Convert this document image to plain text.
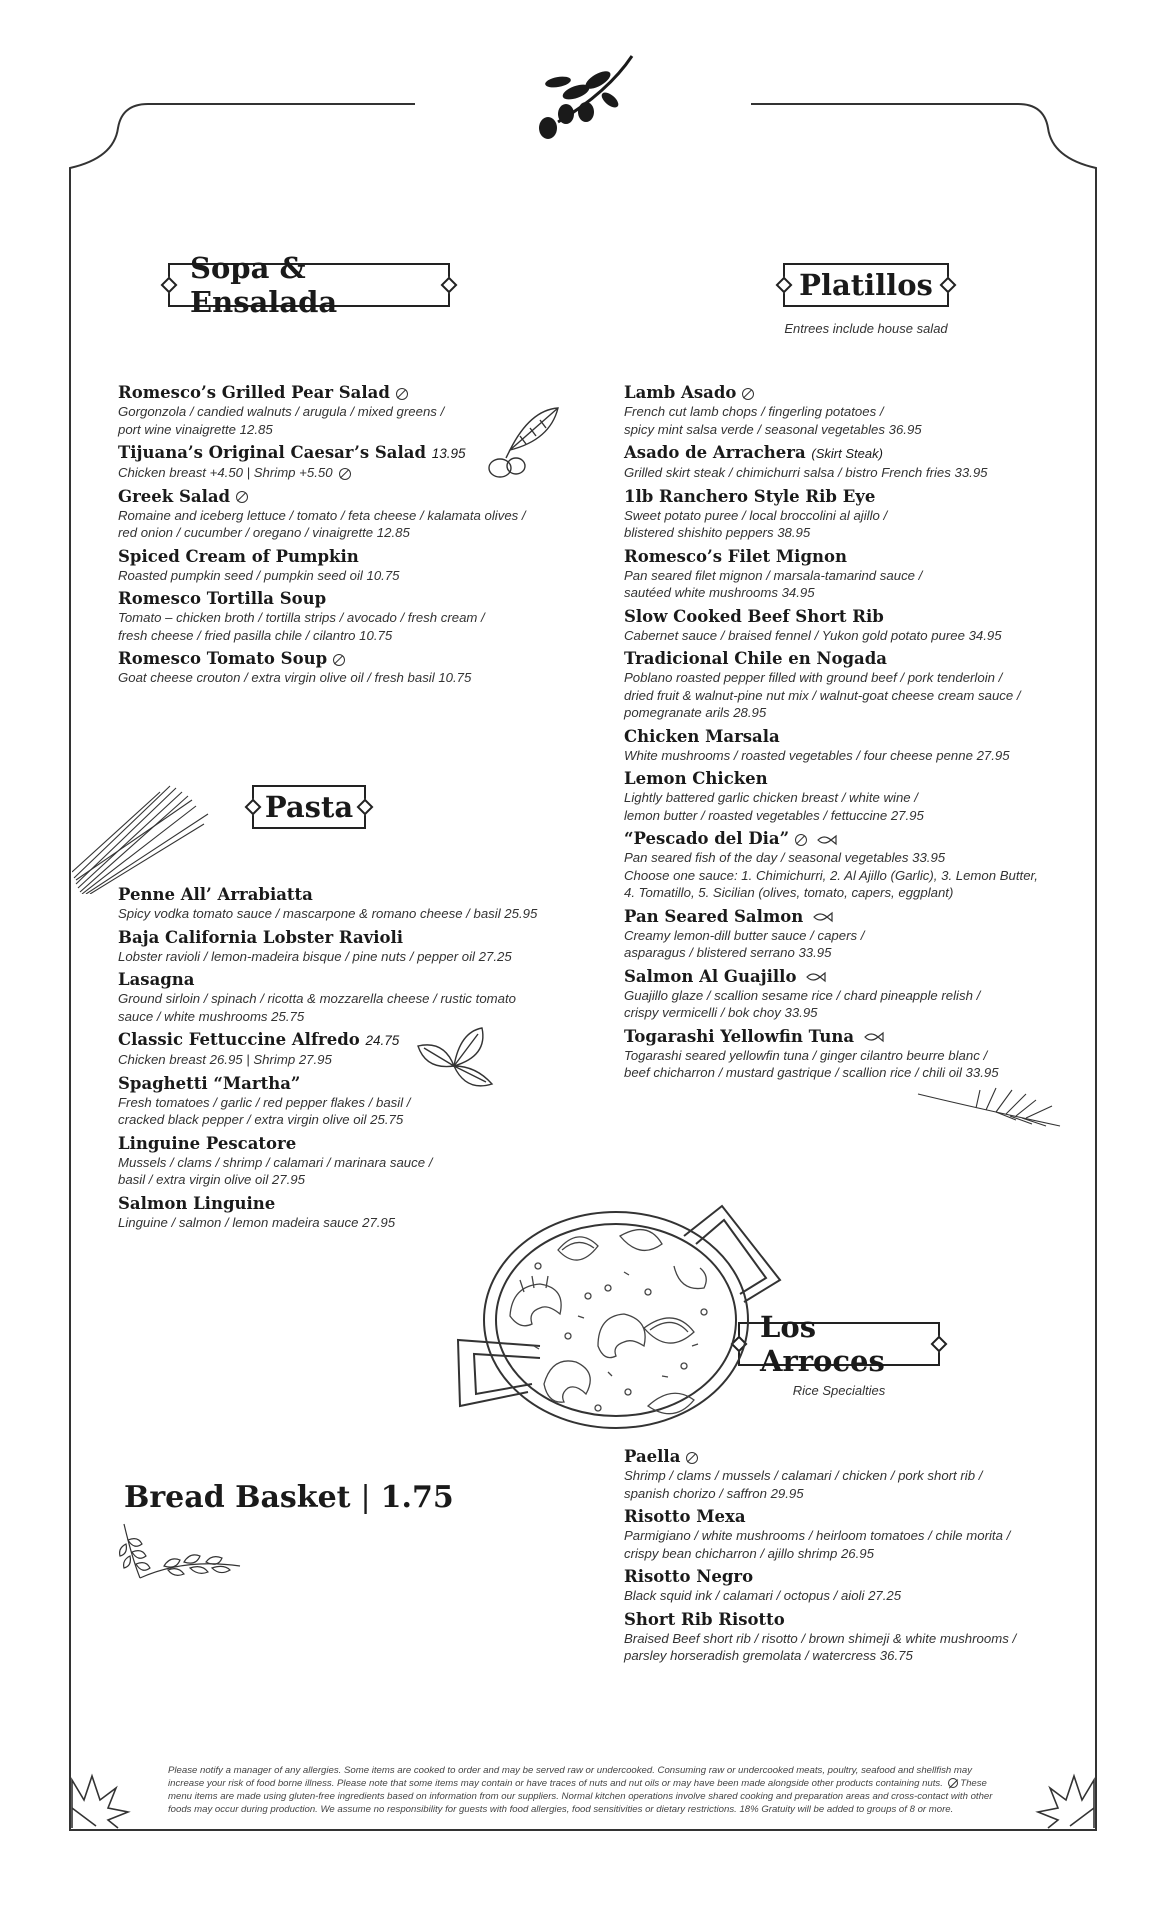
Sopa & Ensalada	Platillos
Entrees include house salad
Pasta
Los Arroces
Rice Specialties
Romesco’s Grilled Pear Salad
Gorgonzola / candied walnuts / arugula / mixed greens /
port wine vinaigrette 12.85
Tijuana’s Original Caesar’s Salad 13.95
Chicken breast +4.50 | Shrimp +5.50
Greek Salad
Romaine and iceberg lettuce / tomato / feta cheese / kalamata olives /
red onion / cucumber / oregano / vinaigrette 12.85
Spiced Cream of Pumpkin
Roasted pumpkin seed / pumpkin seed oil 10.75
Romesco Tortilla Soup
Tomato – chicken broth / tortilla strips / avocado / fresh cream /
fresh cheese / fried pasilla chile / cilantro 10.75
Romesco Tomato Soup
Goat cheese crouton / extra virgin olive oil / fresh basil 10.75
Penne All’ Arrabiatta
Spicy vodka tomato sauce / mascarpone & romano cheese / basil 25.95
Baja California Lobster Ravioli
Lobster ravioli / lemon-madeira bisque / pine nuts / pepper oil 27.25
Lasagna
Ground sirloin / spinach / ricotta & mozzarella cheese / rustic tomato
sauce / white mushrooms 25.75
Classic Fettuccine Alfredo 24.75
Chicken breast 26.95 | Shrimp 27.95
Spaghetti “Martha”
Fresh tomatoes / garlic / red pepper flakes / basil /
cracked black pepper / extra virgin olive oil 25.75
Linguine Pescatore
Mussels / clams / shrimp / calamari / marinara sauce /
basil / extra virgin olive oil 27.95
Salmon Linguine
Linguine / salmon / lemon madeira sauce 27.95
Lamb Asado
French cut lamb chops / fingerling potatoes /
spicy mint salsa verde / seasonal vegetables 36.95
Asado de Arrachera (Skirt Steak)
Grilled skirt steak / chimichurri salsa / bistro French fries 33.95
1lb Ranchero Style Rib Eye
Sweet potato puree / local broccolini al ajillo /
blistered shishito peppers 38.95
Romesco’s Filet Mignon
Pan seared filet mignon / marsala-tamarind sauce /
sautéed white mushrooms 34.95
Slow Cooked Beef Short Rib
Cabernet sauce / braised fennel / Yukon gold potato puree 34.95
Tradicional Chile en Nogada
Poblano roasted pepper filled with ground beef / pork tenderloin /
dried fruit & walnut-pine nut mix / walnut-goat cheese cream sauce /
pomegranate arils 28.95
Chicken Marsala
White mushrooms / roasted vegetables / four cheese penne 27.95
Lemon Chicken
Lightly battered garlic chicken breast / white wine /
lemon butter / roasted vegetables / fettuccine 27.95
“Pescado del Dia”
Pan seared fish of the day / seasonal vegetables 33.95
Choose one sauce: 1. Chimichurri, 2. Al Ajillo (Garlic), 3. Lemon Butter,
4. Tomatillo, 5. Sicilian (olives, tomato, capers, eggplant)
Pan Seared Salmon
Creamy lemon-dill butter sauce / capers /
asparagus / blistered serrano 33.95
Salmon Al Guajillo
Guajillo glaze / scallion sesame rice / chard pineapple relish /
crispy vermicelli / bok choy 33.95
Togarashi Yellowfin Tuna
Togarashi seared yellowfin tuna / ginger cilantro beurre blanc /
beef chicharron / mustard gastrique / scallion rice / chili oil 33.95
Paella
Shrimp / clams / mussels / calamari / chicken / pork short rib /
spanish chorizo / saffron 29.95
Risotto Mexa
Parmigiano / white mushrooms / heirloom tomatoes / chile morita /
crispy bean chicharron / ajillo shrimp 26.95
Risotto Negro
Black squid ink / calamari / octopus / aioli 27.25
Short Rib Risotto
Braised Beef short rib / risotto / brown shimeji & white mushrooms /
parsley horseradish gremolata / watercress 36.75
Bread Basket | 1.75
Please notify a manager of any allergies. Some items are cooked to order and may be served raw or undercooked. Consuming raw or undercooked meats, poultry, seafood and shellfish may increase your risk of food borne illness. Please note that some items may contain or have traces of nuts and nut oils or may have been made alongside other products containing nuts. These menu items are made using gluten-free ingredients based on information from our suppliers. Normal kitchen operations involve shared cooking and preparation areas and cross-contact with other foods may occur during production. We assume no responsibility for guests with food allergies, food sensitivities or dietary restrictions. 18% Gratuity will be added to groups of 8 or more.
